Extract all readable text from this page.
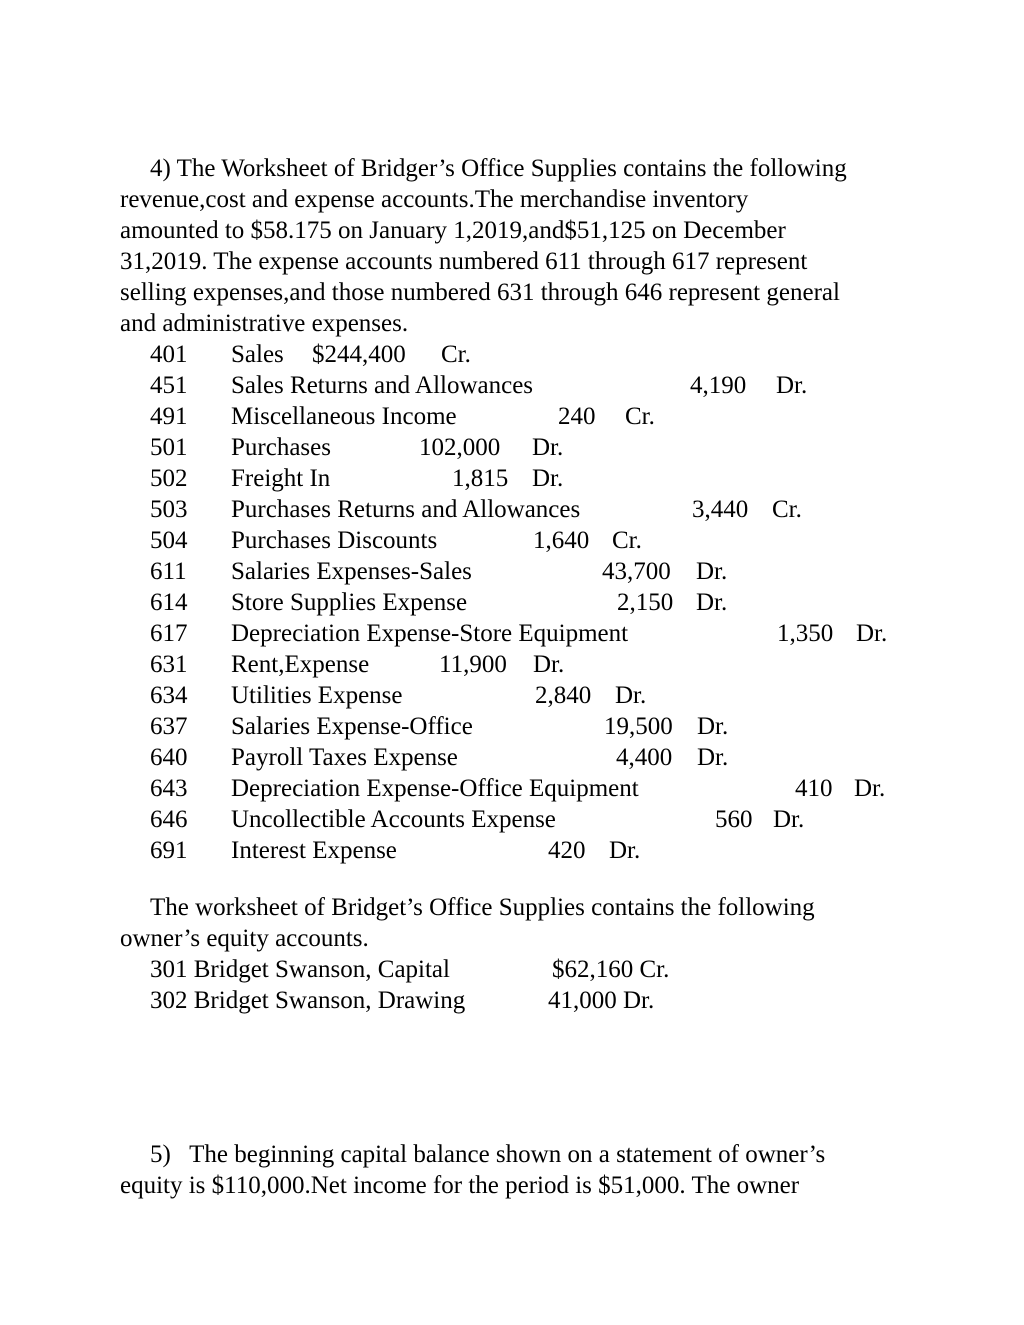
4) The Worksheet of Bridger’s Office Supplies contains the following
revenue,cost and expense accounts.The merchandise inventory
amounted to $58.175 on January 1,2019,and$51,125 on December
31,2019. The expense accounts numbered 611 through 617 represent
selling expenses,and those numbered 631 through 646 represent general
and administrative expenses.
401 Sales $244,400 Cr.
451 Sales Returns and Allowances	4,190 Dr.
491 Miscellaneous Income	240 Cr.
501 Purchases	102,000 Dr.
502 Freight In	1,815 Dr.
503 Purchases Returns and Allowances	3,440 Cr.
504 Purchases Discounts	1,640 Cr.
611 Salaries Expenses-Sales	43,700 Dr.
614 Store Supplies Expense	2,150 Dr.
617 Depreciation Expense-Store Equipment	1,350 Dr.
631 Rent,Expense	11,900 Dr.
634 Utilities Expense	2,840 Dr.
637 Salaries Expense-Office	19,500 Dr.
640 Payroll Taxes Expense	4,400 Dr.
643 Depreciation Expense-Office Equipment	410 Dr.
646 Uncollectible Accounts Expense	560 Dr.
691 Interest Expense	420 Dr.
The worksheet of Bridget’s Office Supplies contains the following
owner’s equity accounts.
301 Bridget Swanson, Capital	$62,160 Cr.
302 Bridget Swanson, Drawing	41,000 Dr.
5)   The beginning capital balance shown on a statement of owner’s
equity is $110,000.Net income for the period is $51,000. The owner
